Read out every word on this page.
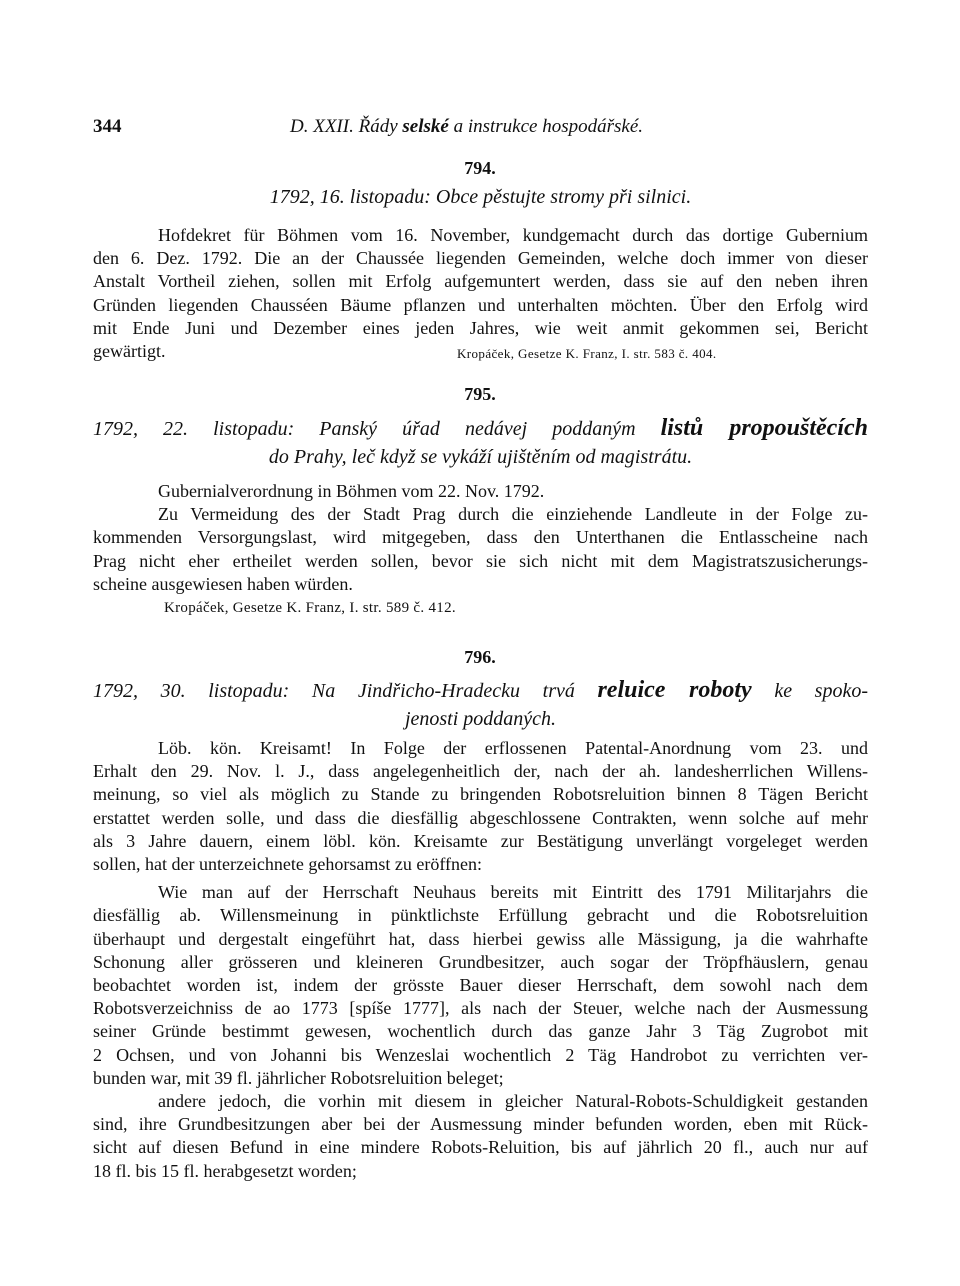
344	D. XXII. Řády selské a instrukce hospodářské.
794.
1792, 16. listopadu: Obce pěstujte stromy při silnici.
Hofdekret für Böhmen vom 16. November, kundgemacht durch das dortige Gubernium
den 6. Dez. 1792. Die an der Chaussée liegenden Gemeinden, welche doch immer von dieser
Anstalt Vortheil ziehen, sollen mit Erfolg aufgemuntert werden, dass sie auf den neben ihren
Gründen liegenden Chausséen Bäume pflanzen und unterhalten möchten. Über den Erfolg wird
mit Ende Juni und Dezember eines jeden Jahres, wie weit anmit gekommen sei, Bericht
gewärtigt.	Kropáček, Gesetze K. Franz, I. str. 583 č. 404.
795.
1792, 22. listopadu: Panský úřad nedávej poddaným listů propouštěcích
do Prahy, leč když se vykáží ujištěním od magistrátu.
Gubernialverordnung in Böhmen vom 22. Nov. 1792.
Zu Vermeidung des der Stadt Prag durch die einziehende Landleute in der Folge zu-
kommenden Versorgungslast, wird mitgegeben, dass den Unterthanen die Entlasscheine nach
Prag nicht eher ertheilet werden sollen, bevor sie sich nicht mit dem Magistratszusicherungs-
scheine ausgewiesen haben würden.
Kropáček, Gesetze K. Franz, I. str. 589 č. 412.
796.
1792, 30. listopadu: Na Jindřicho-Hradecku trvá reluice roboty ke spoko-
jenosti poddaných.
Löb. kön. Kreisamt! In Folge der erflossenen Patental-Anordnung vom 23. und
Erhalt den 29. Nov. l. J., dass angelegenheitlich der, nach der ah. landesherrlichen Willens-
meinung, so viel als möglich zu Stande zu bringenden Robotsreluition binnen 8 Tägen Bericht
erstattet werden solle, und dass die diesfällig abgeschlossene Contrakten, wenn solche auf mehr
als 3 Jahre dauern, einem löbl. kön. Kreisamte zur Bestätigung unverlängt vorgeleget werden
sollen, hat der unterzeichnete gehorsamst zu eröffnen:
Wie man auf der Herrschaft Neuhaus bereits mit Eintritt des 1791 Militarjahrs die
diesfällig ab. Willensmeinung in pünktlichste Erfüllung gebracht und die Robotsreluition
überhaupt und dergestalt eingeführt hat, dass hierbei gewiss alle Mässigung, ja die wahrhafte
Schonung aller grösseren und kleineren Grundbesitzer, auch sogar der Tröpfhäuslern, genau
beobachtet worden ist, indem der grösste Bauer dieser Herrschaft, dem sowohl nach dem
Robotsverzeichniss de ao 1773 [spíše 1777], als nach der Steuer, welche nach der Ausmessung
seiner Gründe bestimmt gewesen, wochentlich durch das ganze Jahr 3 Täg Zugrobot mit
2 Ochsen, und von Johanni bis Wenzeslai wochentlich 2 Täg Handrobot zu verrichten ver-
bunden war, mit 39 fl. jährlicher Robotsreluition beleget;
andere jedoch, die vorhin mit diesem in gleicher Natural-Robots-Schuldigkeit gestanden
sind, ihre Grundbesitzungen aber bei der Ausmessung minder befunden worden, eben mit Rück-
sicht auf diesen Befund in eine mindere Robots-Reluition, bis auf jährlich 20 fl., auch nur auf
18 fl. bis 15 fl. herabgesetzt worden;
